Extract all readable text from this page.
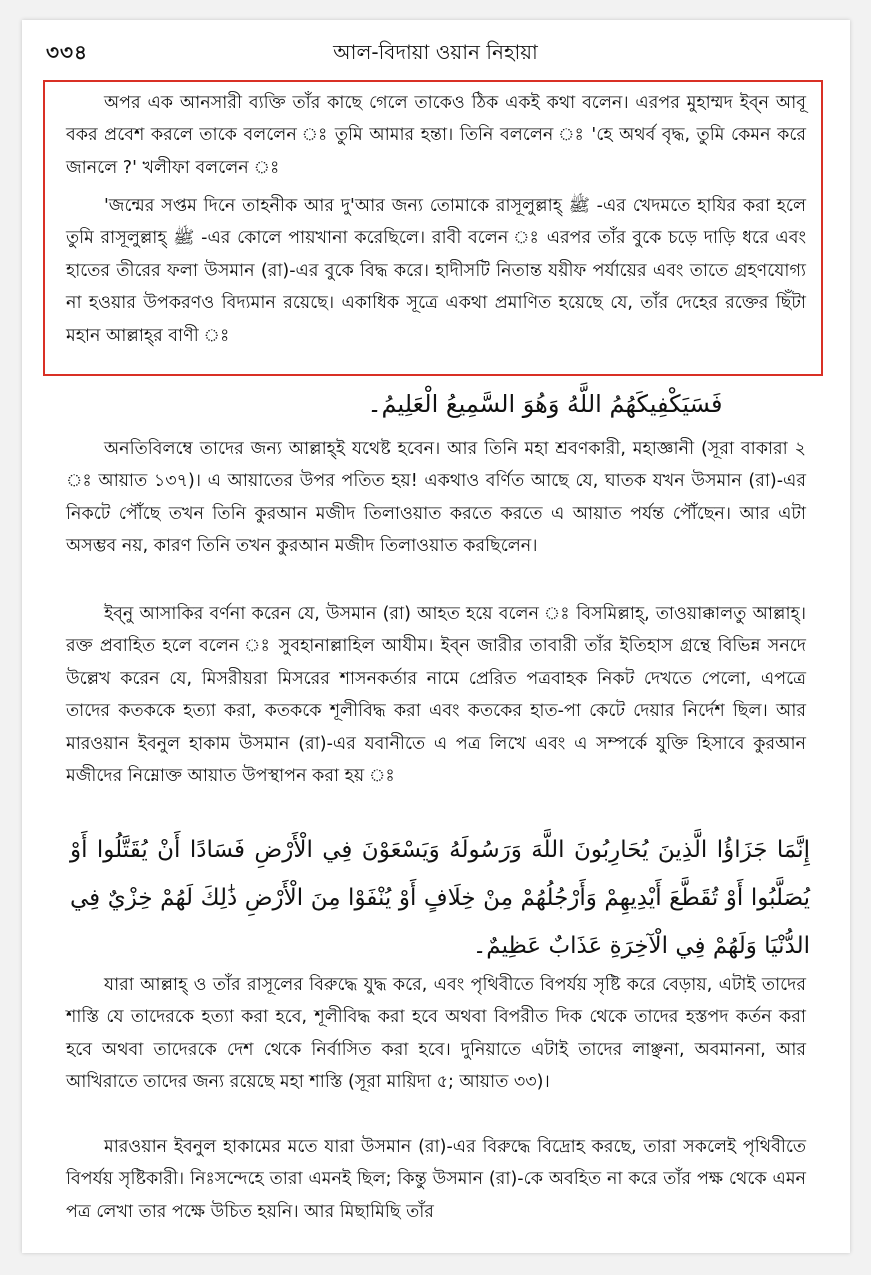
৩৩৪	আল-বিদায়া ওয়ান নিহায়া

অপর এক আনসারী ব্যক্তি তাঁর কাছে গেলে তাকেও ঠিক একই কথা বলেন। এরপর মুহাম্মদ ইব্‌ন আবূ বকর প্রবেশ করলে তাকে বললেন ঃ তুমি আমার হন্তা। তিনি বললেন ঃ 'হে অথর্ব বৃদ্ধ, তুমি কেমন করে জানলে ?' খলীফা বললেন ঃ

'জন্মের সপ্তম দিনে তাহনীক আর দু'আর জন্য তোমাকে রাসূলুল্লাহ্ ﷺ -এর খেদমতে হাযির করা হলে তুমি রাসূলুল্লাহ্ ﷺ -এর কোলে পায়খানা করেছিলে। রাবী বলেন ঃ এরপর তাঁর বুকে চড়ে দাড়ি ধরে এবং হাতের তীরের ফলা উসমান (রা)-এর বুকে বিদ্ধ করে। হাদীসটি নিতান্ত যয়ীফ পর্যায়ের এবং তাতে গ্রহণযোগ্য না হওয়ার উপকরণও বিদ্যমান রয়েছে। একাধিক সূত্রে একথা প্রমাণিত হয়েছে যে, তাঁর দেহের রক্তের ছিঁটা মহান আল্লাহ্‌র বাণী ঃ

فَسَيَكْفِيكَهُمُ اللَّهُ وَهُوَ السَّمِيعُ الْعَلِيمُ۔

অনতিবিলম্বে তাদের জন্য আল্লাহ্ই যথেষ্ট হবেন। আর তিনি মহা শ্রবণকারী, মহাজ্ঞানী (সূরা বাকারা ২ ঃ আয়াত ১৩৭)। এ আয়াতের উপর পতিত হয়! একথাও বর্ণিত আছে যে, ঘাতক যখন উসমান (রা)-এর নিকটে পৌঁছে তখন তিনি কুরআন মজীদ তিলাওয়াত করতে করতে এ আয়াত পর্যন্ত পৌঁছেন। আর এটা অসম্ভব নয়, কারণ তিনি তখন কুরআন মজীদ তিলাওয়াত করছিলেন।

ইব্‌নু আসাকির বর্ণনা করেন যে, উসমান (রা) আহত হয়ে বলেন ঃ বিসমিল্লাহ্‌, তাওয়াক্কালতু আল্লাহ্‌। রক্ত প্রবাহিত হলে বলেন ঃ সুবহানাল্লাহিল আযীম। ইব্‌ন জারীর তাবারী তাঁর ইতিহাস গ্রন্থে বিভিন্ন সনদে উল্লেখ করেন যে, মিসরীয়রা মিসরের শাসনকর্তার নামে প্রেরিত পত্রবাহক নিকট দেখতে পেলো, এপত্রে তাদের কতককে হত্যা করা, কতককে শূলীবিদ্ধ করা এবং কতকের হাত-পা কেটে দেয়ার নির্দেশ ছিল। আর মারওয়ান ইবনুল হাকাম উসমান (রা)-এর যবানীতে এ পত্র লিখে এবং এ সম্পর্কে যুক্তি হিসাবে কুরআন মজীদের নিম্নোক্ত আয়াত উপস্থাপন করা হয় ঃ

إِنَّمَا جَزَاؤُا الَّذِينَ يُحَارِبُونَ اللَّهَ وَرَسُولَهُ وَيَسْعَوْنَ فِي الْأَرْضِ فَسَادًا أَنْ يُقَتَّلُوا أَوْ يُصَلَّبُوا أَوْ تُقَطَّعَ أَيْدِيهِمْ وَأَرْجُلُهُمْ مِنْ خِلَافٍ أَوْ يُنْفَوْا مِنَ الْأَرْضِ ذَٰلِكَ لَهُمْ خِزْيٌ فِي الدُّنْيَا وَلَهُمْ فِي الْآخِرَةِ عَذَابٌ عَظِيمٌ۔

যারা আল্লাহ্ ও তাঁর রাসূলের বিরুদ্ধে যুদ্ধ করে, এবং পৃথিবীতে বিপর্যয় সৃষ্টি করে বেড়ায়, এটাই তাদের শাস্তি যে তাদেরকে হত্যা করা হবে, শূলীবিদ্ধ করা হবে অথবা বিপরীত দিক থেকে তাদের হস্তপদ কর্তন করা হবে অথবা তাদেরকে দেশ থেকে নির্বাসিত করা হবে। দুনিয়াতে এটাই তাদের লাঞ্ছনা, অবমাননা, আর আখিরাতে তাদের জন্য রয়েছে মহা শাস্তি (সূরা মায়িদা ৫; আয়াত ৩৩)।

মারওয়ান ইবনুল হাকামের মতে যারা উসমান (রা)-এর বিরুদ্ধে বিদ্রোহ করছে, তারা সকলেই পৃথিবীতে বিপর্যয় সৃষ্টিকারী। নিঃসন্দেহে তারা এমনই ছিল; কিন্তু উসমান (রা)-কে অবহিত না করে তাঁর পক্ষ থেকে এমন পত্র লেখা তার পক্ষে উচিত হয়নি। আর মিছামিছি তাঁর
